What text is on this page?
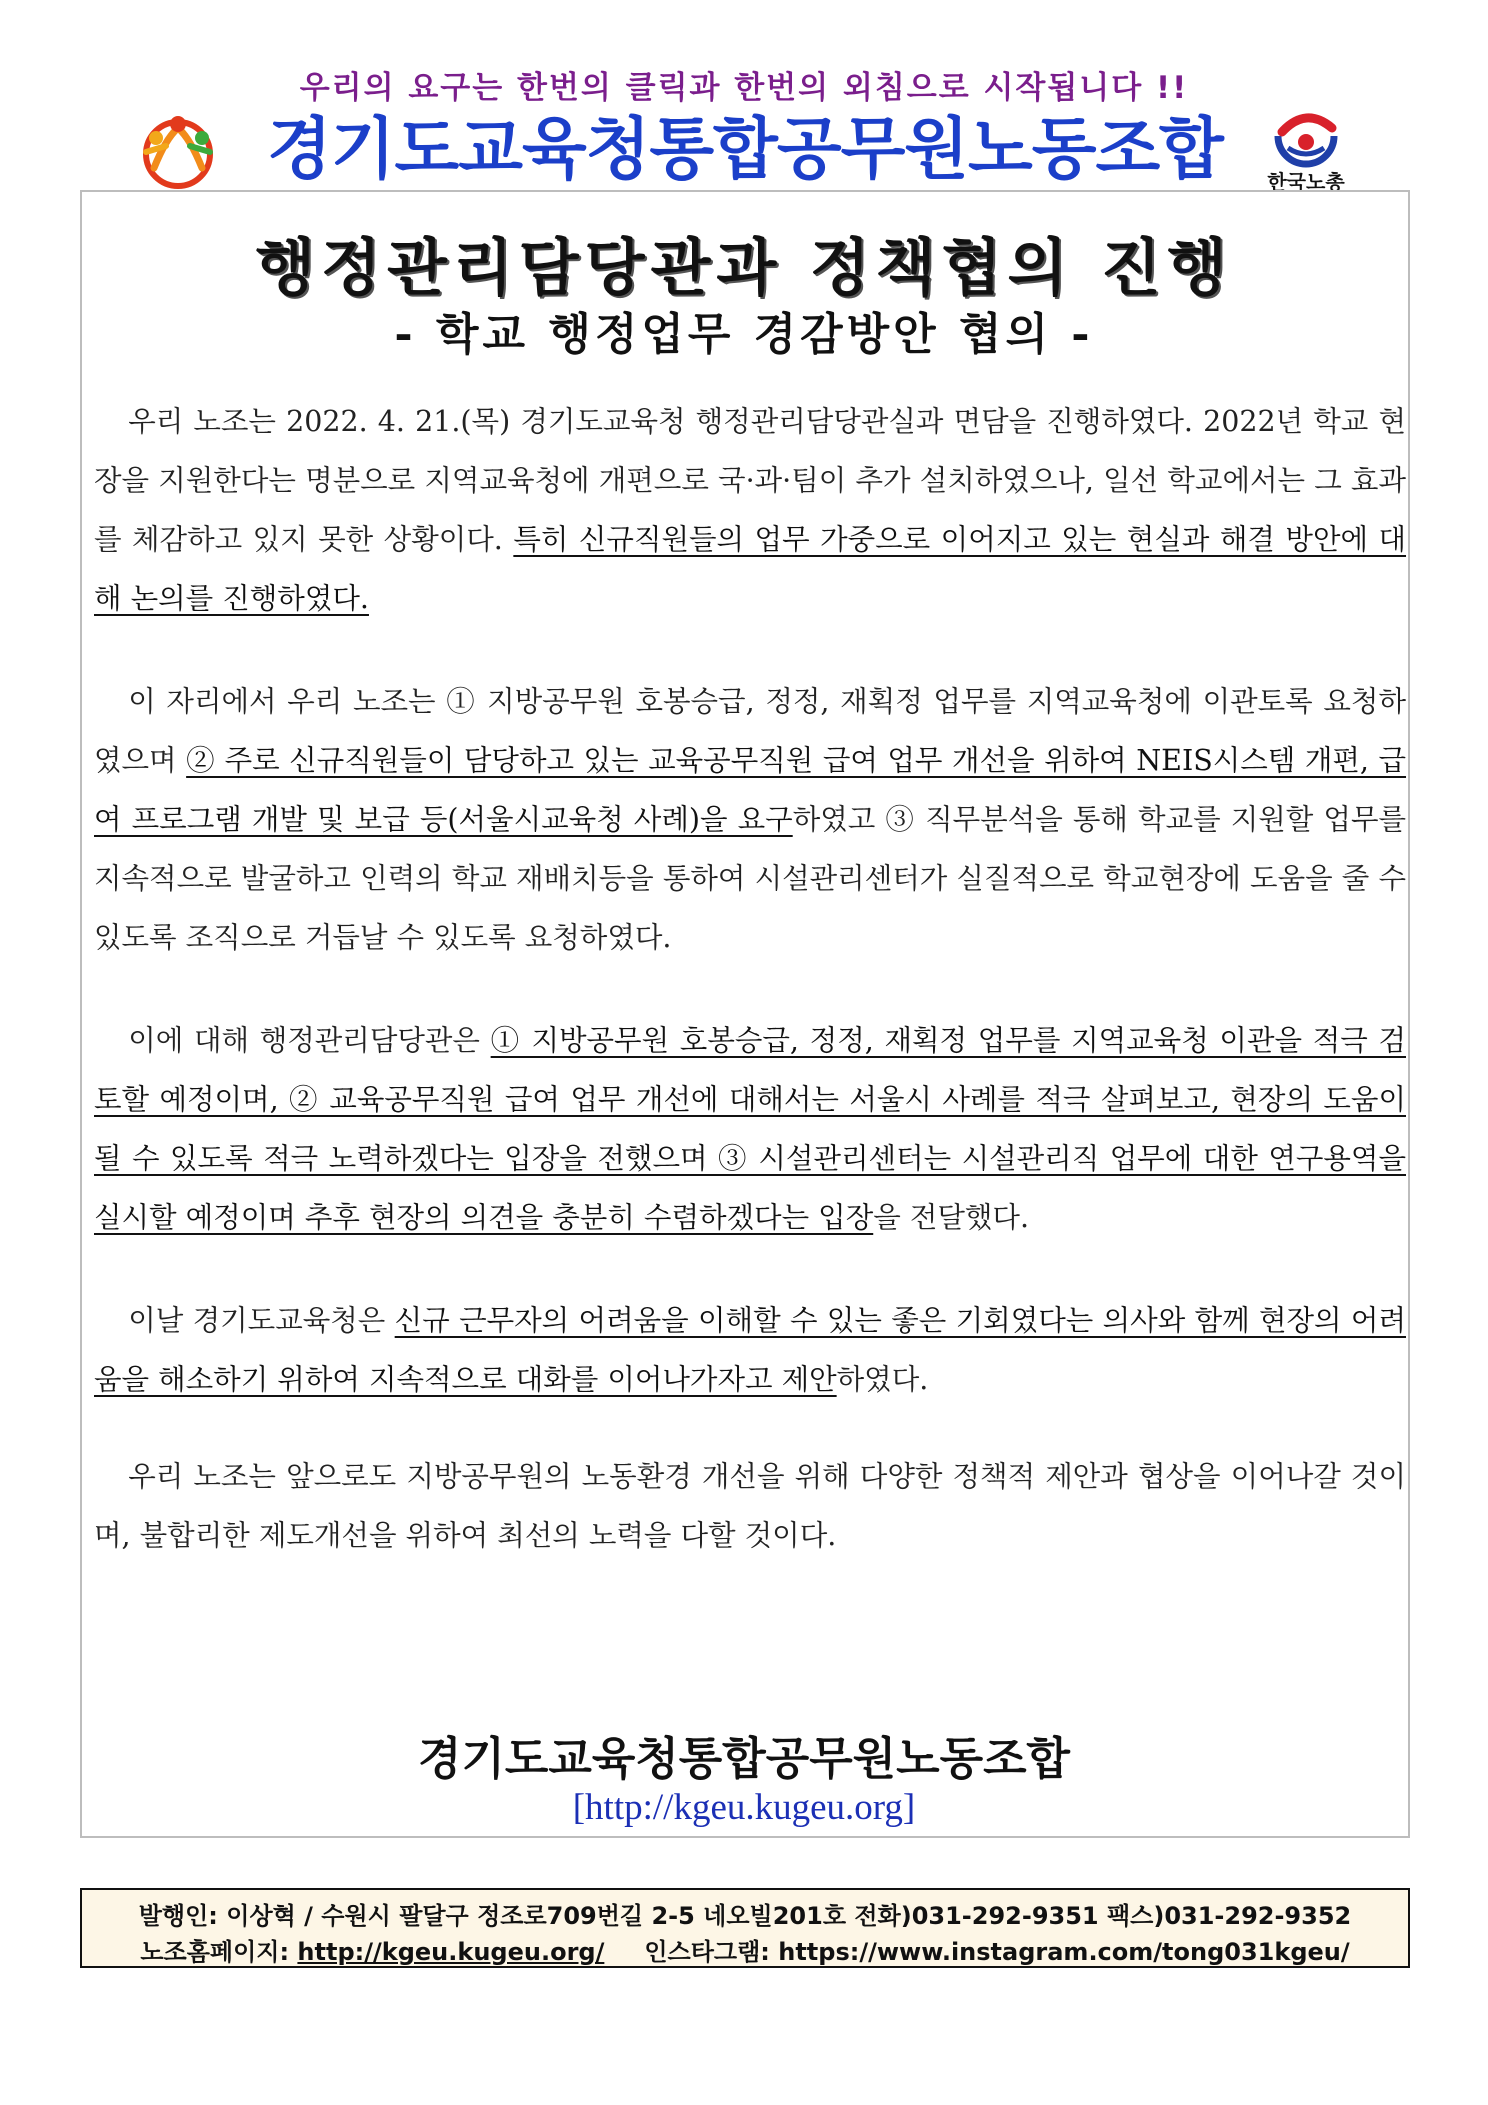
우리의 요구는 한번의 클릭과 한번의 외침으로 시작됩니다 !!
경기도교육청통합공무원노동조합	한국노총
행정관리담당관과 정책협의 진행
- 학교 행정업무 경감방안 협의 -

우리 노조는 2022. 4. 21.(목) 경기도교육청 행정관리담당관실과 면담을 진행하였다. 2022년 학교 현장을 지원한다는 명분으로 지역교육청에 개편으로 국·과·팀이 추가 설치하였으나, 일선 학교에서는 그 효과를 체감하고 있지 못한 상황이다. 특히 신규직원들의 업무 가중으로 이어지고 있는 현실과 해결 방안에 대해 논의를 진행하였다.

이 자리에서 우리 노조는 ① 지방공무원 호봉승급, 정정, 재획정 업무를 지역교육청에 이관토록 요청하였으며 ② 주로 신규직원들이 담당하고 있는 교육공무직원 급여 업무 개선을 위하여 NEIS시스템 개편, 급여 프로그램 개발 및 보급 등(서울시교육청 사례)을 요구하였고 ③ 직무분석을 통해 학교를 지원할 업무를 지속적으로 발굴하고 인력의 학교 재배치등을 통하여 시설관리센터가 실질적으로 학교현장에 도움을 줄 수 있도록 조직으로 거듭날 수 있도록 요청하였다.

이에 대해 행정관리담당관은 ① 지방공무원 호봉승급, 정정, 재획정 업무를 지역교육청 이관을 적극 검토할 예정이며, ② 교육공무직원 급여 업무 개선에 대해서는 서울시 사례를 적극 살펴보고, 현장의 도움이 될 수 있도록 적극 노력하겠다는 입장을 전했으며 ③ 시설관리센터는 시설관리직 업무에 대한 연구용역을 실시할 예정이며 추후 현장의 의견을 충분히 수렴하겠다는 입장을 전달했다.

이날 경기도교육청은 신규 근무자의 어려움을 이해할 수 있는 좋은 기회였다는 의사와 함께 현장의 어려움을 해소하기 위하여 지속적으로 대화를 이어나가자고 제안하였다.

우리 노조는 앞으로도 지방공무원의 노동환경 개선을 위해 다양한 정책적 제안과 협상을 이어나갈 것이며, 불합리한 제도개선을 위하여 최선의 노력을 다할 것이다.

경기도교육청통합공무원노동조합
[http://kgeu.kugeu.org]
발행인: 이상혁 / 수원시 팔달구 정조로709번길 2-5 네오빌201호 전화)031-292-9351 팩스)031-292-9352
노조홈페이지: http://kgeu.kugeu.org/ 인스타그램: https://www.instagram.com/tong031kgeu/
